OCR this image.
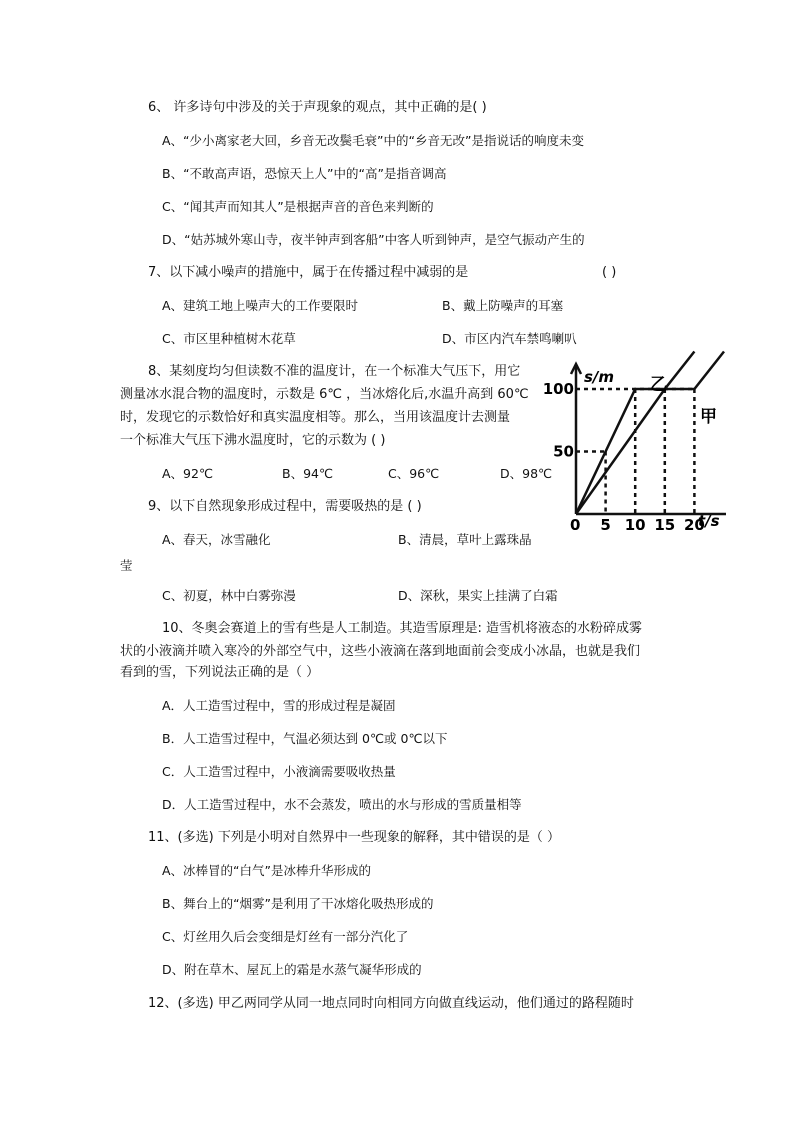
6、 许多诗句中涉及的关于声现象的观点，其中正确的是( )
A、“少小离家老大回，乡音无改鬓毛衰”中的“乡音无改”是指说话的响度未变
B、“不敢高声语，恐惊天上人”中的“高”是指音调高
C、“闻其声而知其人”是根据声音的音色来判断的
D、“姑苏城外寒山寺，夜半钟声到客船”中客人听到钟声，是空气振动产生的
7、以下减小噪声的措施中，属于在传播过程中减弱的是	( )
A、建筑工地上噪声大的工作要限时	B、戴上防噪声的耳塞
C、市区里种植树木花草	D、市区内汽车禁鸣喇叭
8、某刻度均匀但读数不准的温度计，在一个标准大气压下，用它
测量冰水混合物的温度时，示数是 6℃ ，当冰熔化后,水温升高到 60℃
时，发现它的示数恰好和真实温度相等。那么，当用该温度计去测量
一个标准大气压下沸水温度时，它的示数为 ( )
A、92℃	B、94℃	C、96℃	D、98℃
9、以下自然现象形成过程中，需要吸热的是 ( )
A、春天，冰雪融化	B、清晨，草叶上露珠晶
莹
C、初夏，林中白雾弥漫	D、深秋，果实上挂满了白霜
10、冬奥会赛道上的雪有些是人工制造。其造雪原理是: 造雪机将液态的水粉碎成雾
状的小液滴并喷入寒冷的外部空气中，这些小液滴在落到地面前会变成小冰晶，也就是我们
看到的雪，下列说法正确的是（ ）
A．人工造雪过程中，雪的形成过程是凝固
B．人工造雪过程中，气温必须达到 0℃或 0℃以下
C．人工造雪过程中，小液滴需要吸收热量
D．人工造雪过程中，水不会蒸发，喷出的水与形成的雪质量相等
11、(多选) 下列是小明对自然界中一些现象的解释，其中错误的是（ ）
A、冰棒冒的“白气”是冰棒升华形成的
B、舞台上的“烟雾”是利用了干冰熔化吸热形成的
C、灯丝用久后会变细是灯丝有一部分汽化了
D、附在草木、屋瓦上的霜是水蒸气凝华形成的
12、(多选) 甲乙两同学从同一地点同时向相同方向做直线运动，他们通过的路程随时
s/m
t/s
0 5 10 15 20
50
100
甲
乙
